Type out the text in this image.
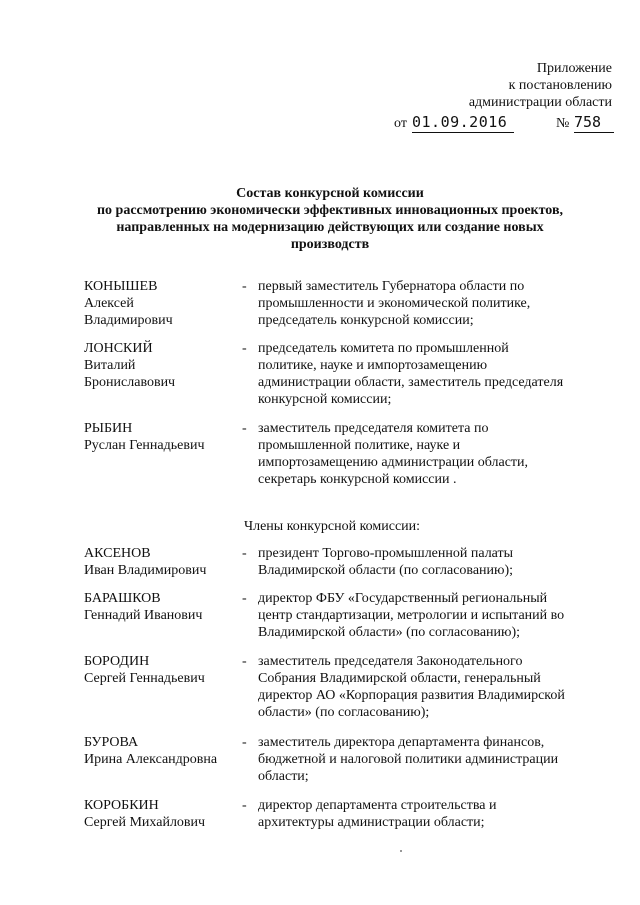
Приложение
к постановлению
администрации области
от 01.09.2016	№ 758
Состав конкурсной комиссии
по рассмотрению экономически эффективных инновационных проектов,
направленных на модернизацию действующих или создание новых
производств
КОНЫШЕВ
Алексей
Владимирович
- первый заместитель Губернатора области по
промышленности и экономической политике,
председатель конкурсной комиссии;
ЛОНСКИЙ
Виталий
Брониславович
- председатель комитета по промышленной
политике, науке и импортозамещению
администрации области, заместитель председателя
конкурсной комиссии;
РЫБИН
Руслан Геннадьевич
- заместитель председателя комитета по
промышленной политике, науке и
импортозамещению администрации области,
секретарь конкурсной комиссии .
Члены конкурсной комиссии:
АКСЕНОВ
Иван Владимирович
- президент Торгово-промышленной палаты
Владимирской области (по согласованию);
БАРАШКОВ
Геннадий Иванович
- директор ФБУ «Государственный региональный
центр стандартизации, метрологии и испытаний во
Владимирской области» (по согласованию);
БОРОДИН
Сергей Геннадьевич
- заместитель председателя Законодательного
Собрания Владимирской области, генеральный
директор АО «Корпорация развития Владимирской
области» (по согласованию);
БУРОВА
Ирина Александровна
- заместитель директора департамента финансов,
бюджетной и налоговой политики администрации
области;
КОРОБКИН
Сергей Михайлович
- директор департамента строительства и
архитектуры администрации области;
